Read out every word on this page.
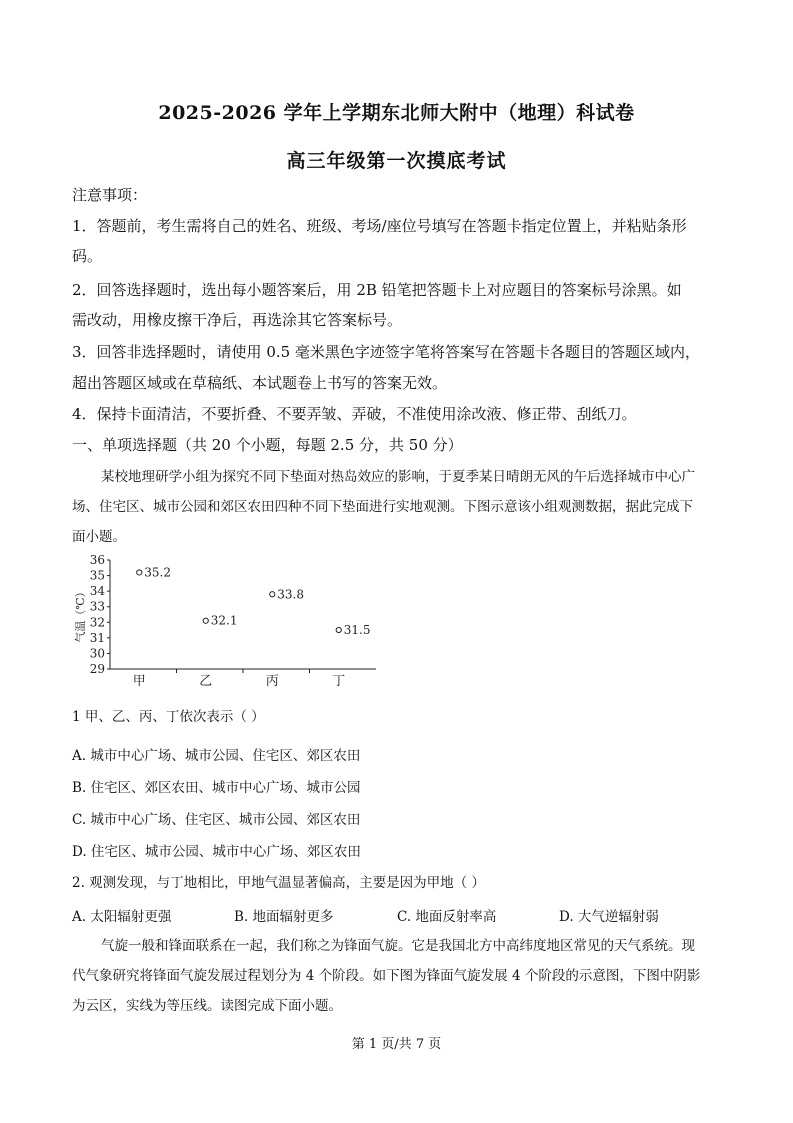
2025-2026 学年上学期东北师大附中（地理）科试卷
高三年级第一次摸底考试
注意事项：
1．答题前，考生需将自己的姓名、班级、考场/座位号填写在答题卡指定位置上，并粘贴条形
码。
2．回答选择题时，选出每小题答案后，用 2B 铅笔把答题卡上对应题目的答案标号涂黑。如
需改动，用橡皮擦干净后，再选涂其它答案标号。
3．回答非选择题时，请使用 0.5 毫米黑色字迹签字笔将答案写在答题卡各题目的答题区域内，
超出答题区域或在草稿纸、本试题卷上书写的答案无效。
4．保持卡面清洁，不要折叠、不要弄皱、弄破，不准使用涂改液、修正带、刮纸刀。
一、单项选择题（共 20 个小题，每题 2.5 分，共 50 分）
某校地理研学小组为探究不同下垫面对热岛效应的影响，于夏季某日晴朗无风的午后选择城市中心广
场、住宅区、城市公园和郊区农田四种不同下垫面进行实地观测。下图示意该小组观测数据，据此完成下
面小题。
29
30
31
32
33
34
35
36
气温（℃）
甲
35.2
乙
32.1
丙
33.8
丁
31.5
1 甲、乙、丙、丁依次表示（ ）
A. 城市中心广场、城市公园、住宅区、郊区农田
B. 住宅区、郊区农田、城市中心广场、城市公园
C. 城市中心广场、住宅区、城市公园、郊区农田
D. 住宅区、城市公园、城市中心广场、郊区农田
2. 观测发现，与丁地相比，甲地气温显著偏高，主要是因为甲地（ ）
A. 太阳辐射更强	B. 地面辐射更多	C. 地面反射率高	D. 大气逆辐射弱
气旋一般和锋面联系在一起，我们称之为锋面气旋。它是我国北方中高纬度地区常见的天气系统。现
代气象研究将锋面气旋发展过程划分为 4 个阶段。如下图为锋面气旋发展 4 个阶段的示意图，下图中阴影
为云区，实线为等压线。读图完成下面小题。
第 1 页/共 7 页
